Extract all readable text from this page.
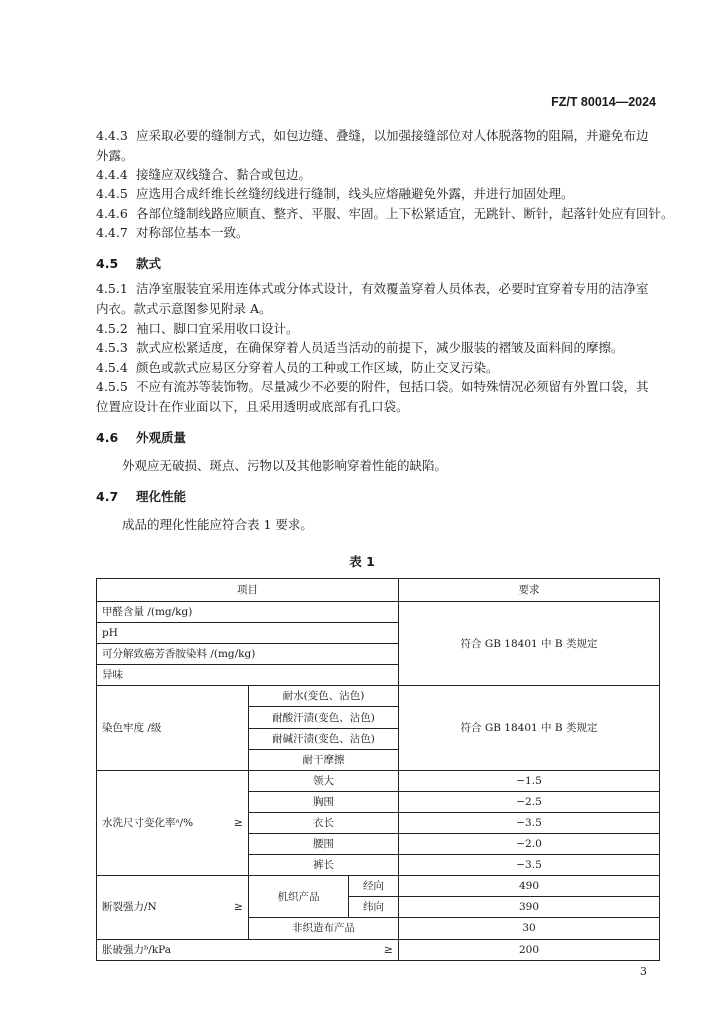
FZ/T 80014—2024
4.4.3 应采取必要的缝制方式，如包边缝、叠缝，以加强接缝部位对人体脱落物的阻隔，并避免布边
外露。
4.4.4 接缝应双线缝合、黏合或包边。
4.4.5 应选用合成纤维长丝缝纫线进行缝制，线头应熔融避免外露，并进行加固处理。
4.4.6 各部位缝制线路应顺直、整齐、平服、牢固。上下松紧适宜，无跳针、断针，起落针处应有回针。
4.4.7 对称部位基本一致。
4.5 款式
4.5.1 洁净室服装宜采用连体式或分体式设计，有效覆盖穿着人员体表，必要时宜穿着专用的洁净室
内衣。款式示意图参见附录 A。
4.5.2 袖口、脚口宜采用收口设计。
4.5.3 款式应松紧适度，在确保穿着人员适当活动的前提下，减少服装的褶皱及面料间的摩擦。
4.5.4 颜色或款式应易区分穿着人员的工种或工作区域，防止交叉污染。
4.5.5 不应有流苏等装饰物。尽量减少不必要的附件，包括口袋。如特殊情况必须留有外置口袋，其
位置应设计在作业面以下，且采用透明或底部有孔口袋。
4.6 外观质量
外观应无破损、斑点、污物以及其他影响穿着性能的缺陷。
4.7 理化性能
成品的理化性能应符合表 1 要求。
表 1
项目			要求
甲醛含量 /(mg/kg)			符合 GB 18401 中 B 类规定
pH			
可分解致癌芳香胺染料 /(mg/kg)			
异味			
染色牢度 /级	耐水(变色、沾色)		符合 GB 18401 中 B 类规定
	耐酸汗渍(变色、沾色)		
	耐碱汗渍(变色、沾色)		
	耐干摩擦		
水洗尺寸变化率ᵃ/% ≥	领大		−1.5
	胸围		−2.5
	衣长		−3.5
	腰围		−2.0
	裤长		−3.5
断裂强力/N ≥	机织产品	经向	490
		纬向	390
	非织造布产品		30
胀破强力ᵇ/kPa ≥			200
3
